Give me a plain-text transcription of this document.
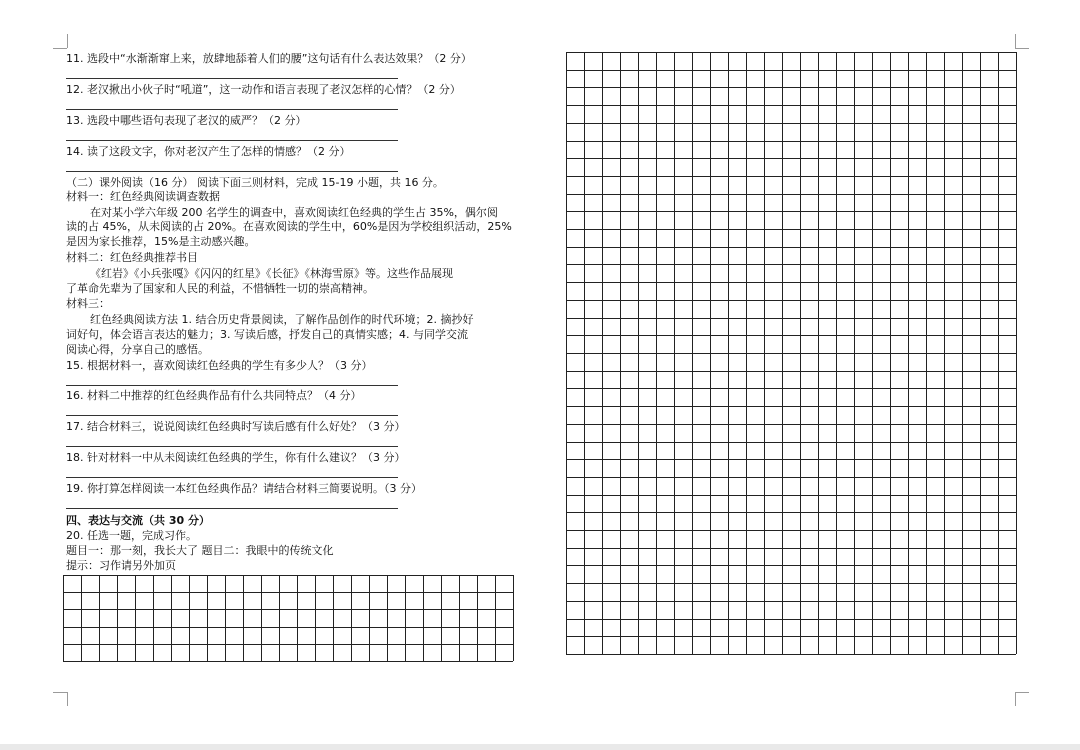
11. 选段中“水渐渐窜上来，放肆地舔着人们的腰”这句话有什么表达效果？（2 分）
12. 老汉揪出小伙子时“吼道”，这一动作和语言表现了老汉怎样的心情？（2 分）
13. 选段中哪些语句表现了老汉的威严？（2 分）
14. 读了这段文字，你对老汉产生了怎样的情感？（2 分）
（二）课外阅读（16 分） 阅读下面三则材料，完成 15-19 小题，共 16 分。
材料一：红色经典阅读调查数据
在对某小学六年级 200 名学生的调查中，喜欢阅读红色经典的学生占 35%，偶尔阅
读的占 45%，从未阅读的占 20%。在喜欢阅读的学生中，60%是因为学校组织活动，25%
是因为家长推荐，15%是主动感兴趣。
材料二：红色经典推荐书目
《红岩》《小兵张嘎》《闪闪的红星》《长征》《林海雪原》等。这些作品展现
了革命先辈为了国家和人民的利益，不惜牺牲一切的崇高精神。
材料三：
红色经典阅读方法 1. 结合历史背景阅读，了解作品创作的时代环境；2. 摘抄好
词好句，体会语言表达的魅力；3. 写读后感，抒发自己的真情实感；4. 与同学交流
阅读心得，分享自己的感悟。
15. 根据材料一，喜欢阅读红色经典的学生有多少人？（3 分）
16. 材料二中推荐的红色经典作品有什么共同特点？（4 分）
17. 结合材料三，说说阅读红色经典时写读后感有什么好处？（3 分）
18. 针对材料一中从未阅读红色经典的学生，你有什么建议？（3 分）
19. 你打算怎样阅读一本红色经典作品？请结合材料三简要说明。（3 分）
四、表达与交流（共 30 分）
20. 任选一题，完成习作。
题目一：那一刻，我长大了 题目二：我眼中的传统文化
提示：习作请另外加页
